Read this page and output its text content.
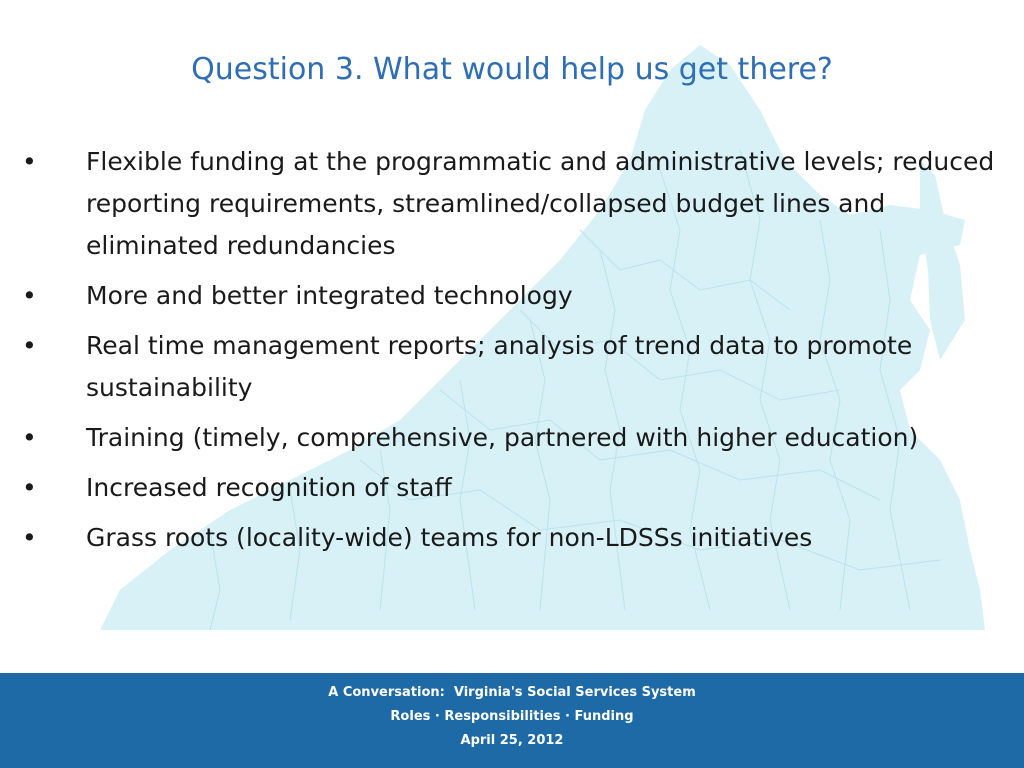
Question 3. What would help us get there?
• Flexible funding at the programmatic and administrative levels; reduced reporting requirements, streamlined/collapsed budget lines and eliminated redundancies
• More and better integrated technology
• Real time management reports; analysis of trend data to promote sustainability
• Training (timely, comprehensive, partnered with higher education)
• Increased recognition of staff
• Grass roots (locality-wide) teams for non-LDSSs initiatives
A Conversation:  Virginia's Social Services System
Roles · Responsibilities · Funding
April 25, 2012
